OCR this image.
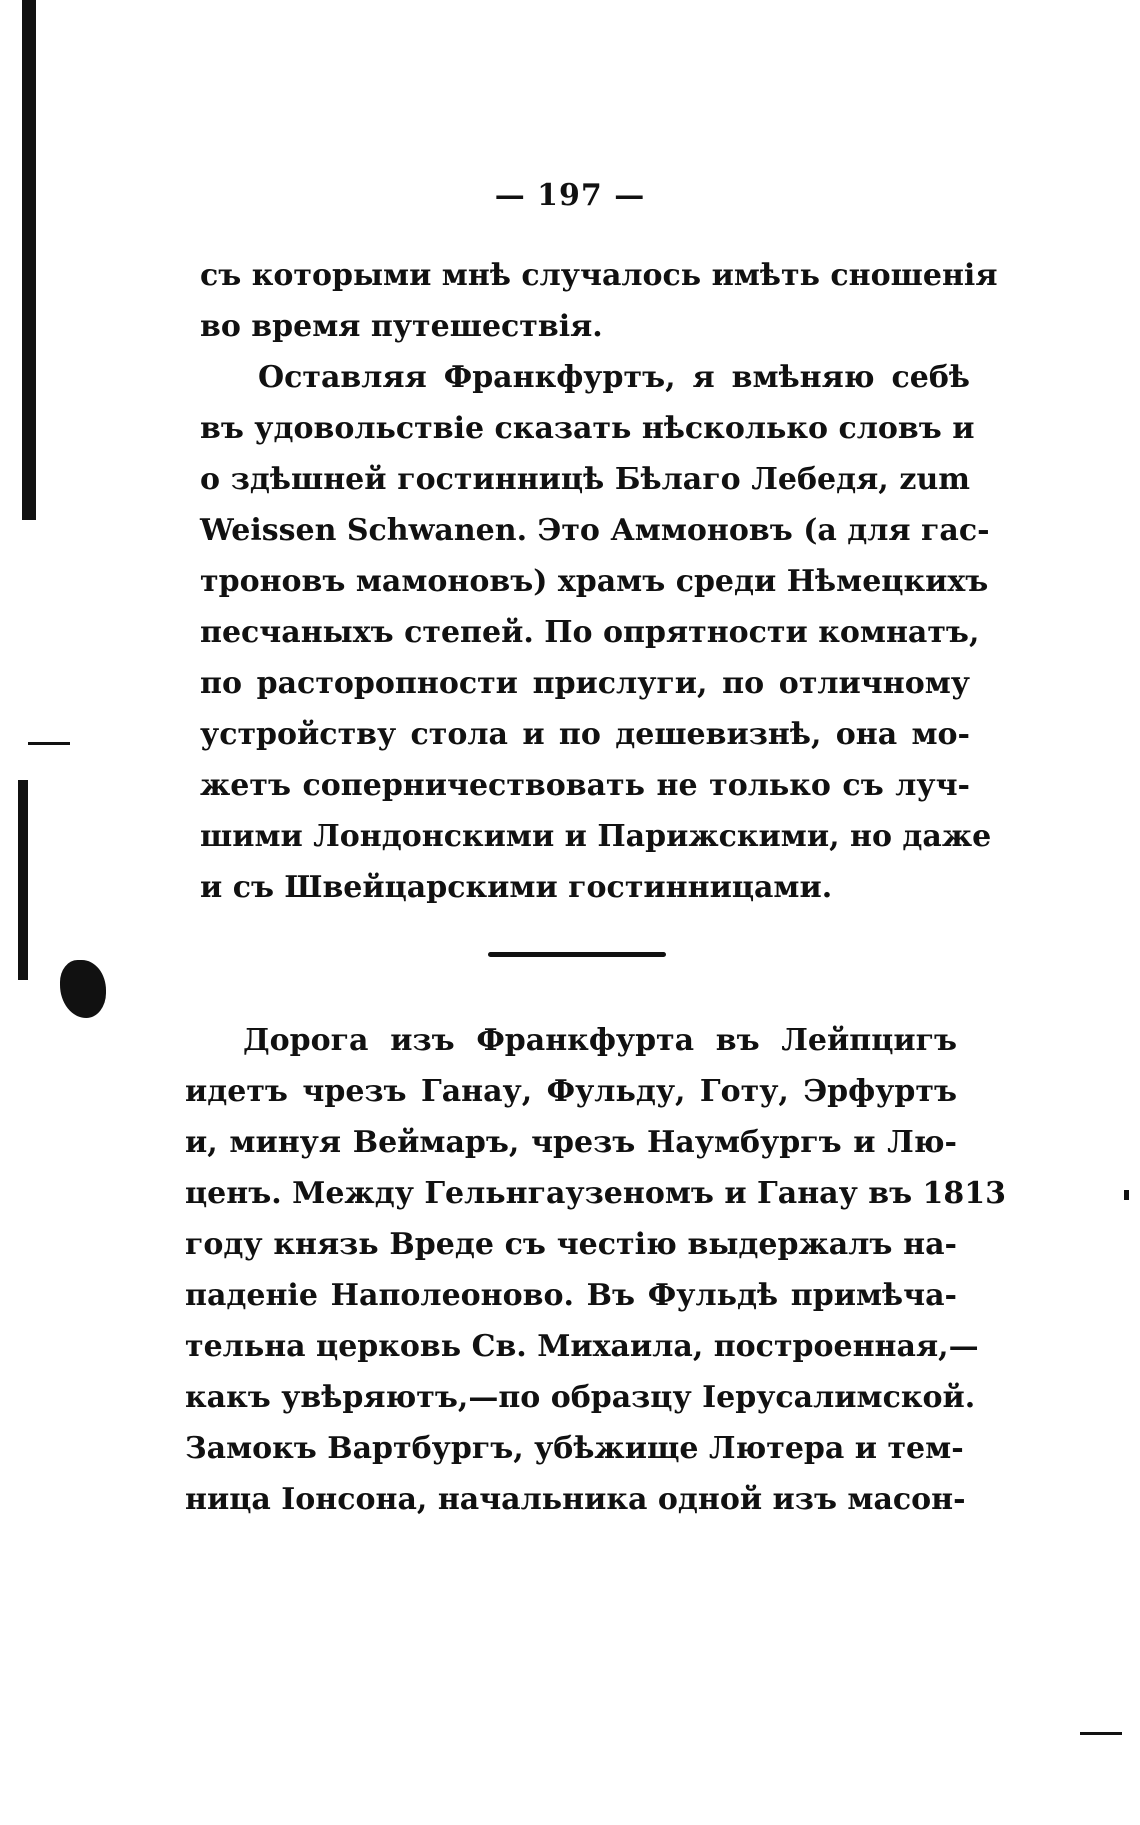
— 197 —
съ которыми мнѣ случалось имѣть сношенія
во время путешествія.
Оставляя Франкфуртъ, я вмѣняю себѣ
въ удовольствіе сказать нѣсколько словъ и
о здѣшней гостинницѣ Бѣлаго Лебедя, zum
Weissen Schwanen. Это Аммоновъ (а для гас-
троновъ мамоновъ) храмъ среди Нѣмецкихъ
песчаныхъ степей. По опрятности комнатъ,
по расторопности прислуги, по отличному
устройству стола и по дешевизнѣ, она мо-
жетъ соперничествовать не только съ луч-
шими Лондонскими и Парижскими, но даже
и съ Швейцарскими гостинницами.
Дорога изъ Франкфурта въ Лейпцигъ
идетъ чрезъ Ганау, Фульду, Готу, Эрфуртъ
и, минуя Веймаръ, чрезъ Наумбургъ и Лю-
ценъ. Между Гельнгаузеномъ и Ганау въ 1813
году князь Вреде съ честію выдержалъ на-
паденіе Наполеоново. Въ Фульдѣ примѣча-
тельна церковь Св. Михаила, построенная,—
какъ увѣряютъ,—по образцу Іерусалимской.
Замокъ Вартбургъ, убѣжище Лютера и тем-
ница Іонсона, начальника одной изъ масон-
